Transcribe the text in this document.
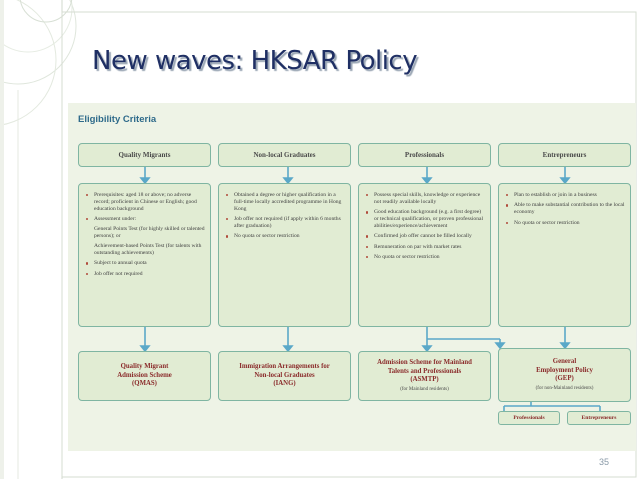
New waves: HKSAR Policy
Eligibility Criteria
Quality Migrants	Non-local Graduates	Professionals	Entrepreneurs
Prerequisites: aged 18 or above; no adverse record; proficient in Chinese or English; good education background
Assessment under:
General Points Test (for highly skilled or talented persons); or
Achievement-based Points Test (for talents with outstanding achievements)
Subject to annual quota
Job offer not required
Obtained a degree or higher qualification in a full-time locally accredited programme in Hong Kong
Job offer not required (if apply within 6 months after graduation)
No quota or sector restriction
Possess special skills, knowledge or experience not readily available locally
Good education background (e.g. a first degree) or technical qualification, or proven professional abilities/experience/achievement
Confirmed job offer cannot be filled locally
Remuneration on par with market rates
No quota or sector restriction
Plan to establish or join in a business
Able to make substantial contribution to the local economy
No quota or sector restriction
Quality Migrant
Admission Scheme
(QMAS)
Immigration Arrangements for
Non-local Graduates
(IANG)
Admission Scheme for Mainland
Talents and Professionals
(ASMTP)
(for Mainland residents)
General
Employment Policy
(GEP)
(for non-Mainland residents)
Professionals	Entrepreneurs
35
